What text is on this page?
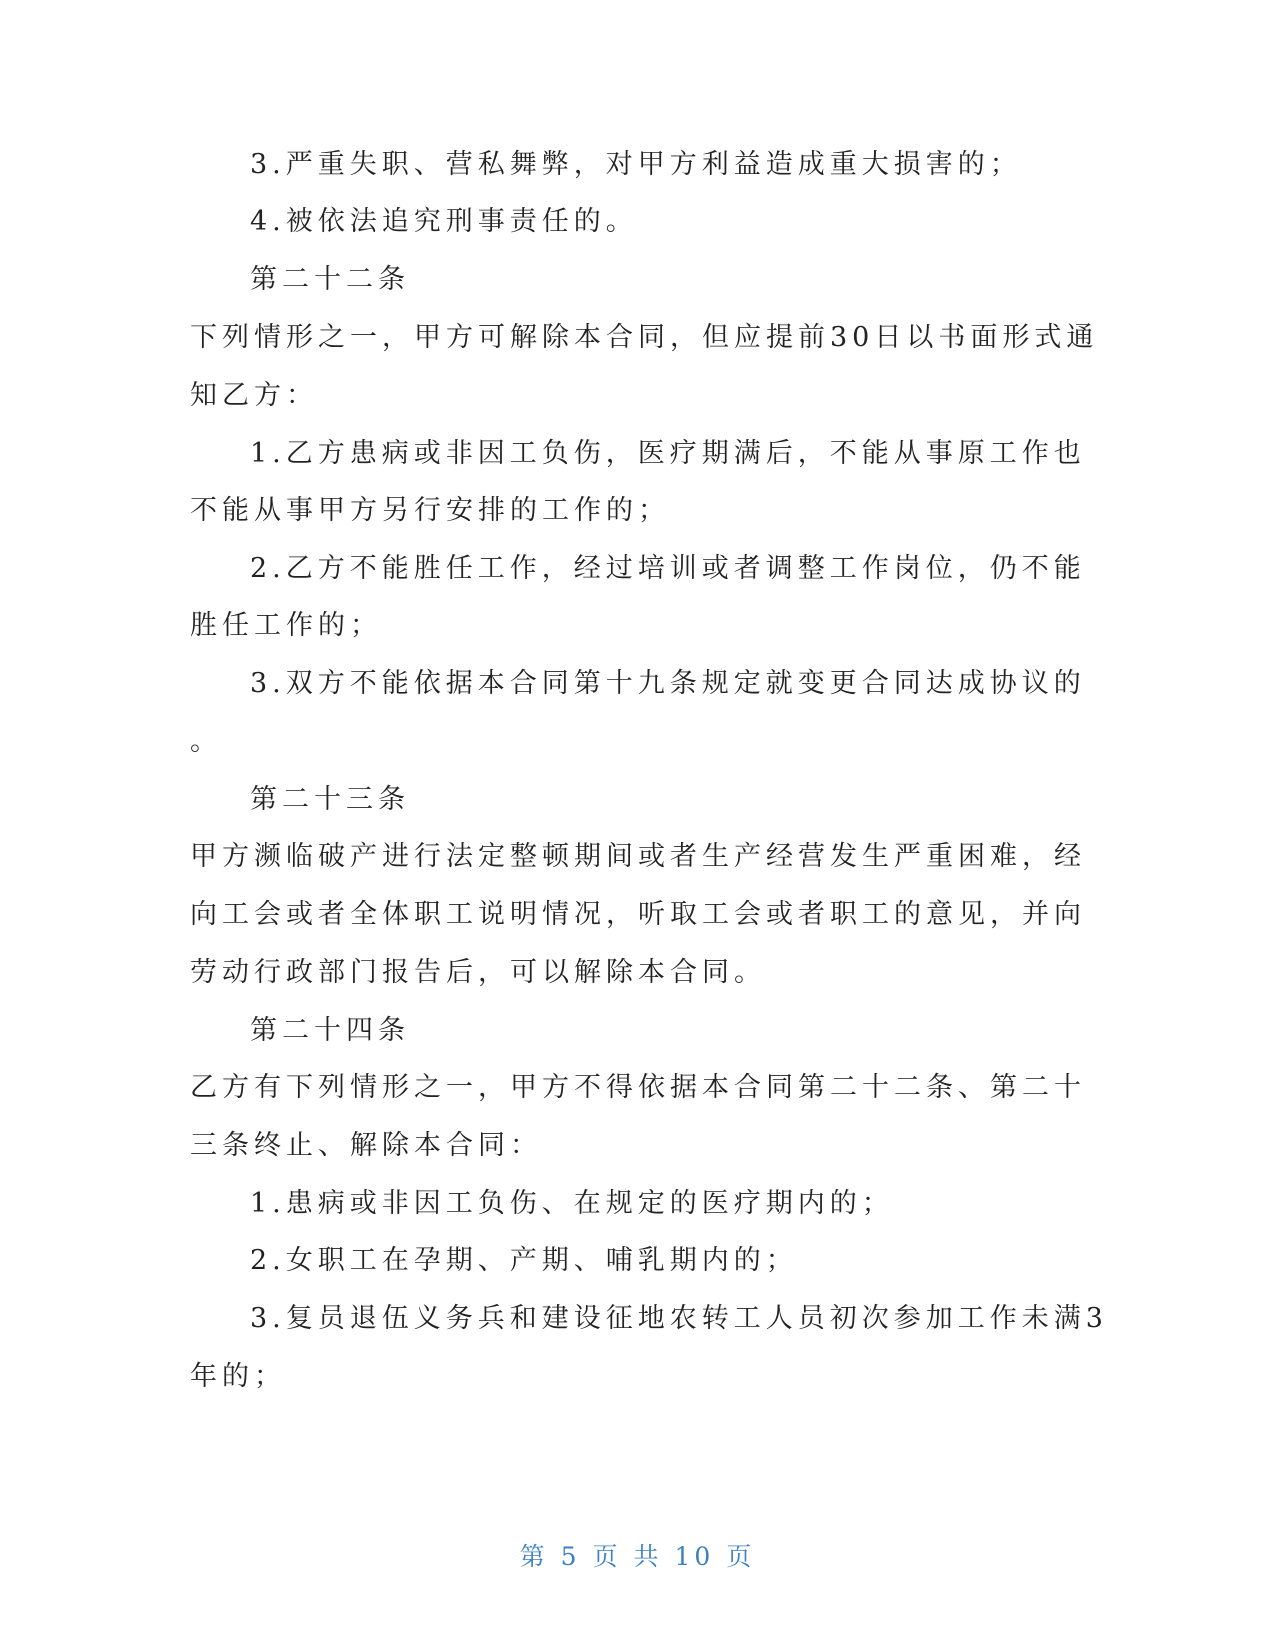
3.严重失职、营私舞弊，对甲方利益造成重大损害的；
4.被依法追究刑事责任的。
第二十二条
下列情形之一，甲方可解除本合同，但应提前30日以书面形式通
知乙方：
1.乙方患病或非因工负伤，医疗期满后，不能从事原工作也
不能从事甲方另行安排的工作的；
2.乙方不能胜任工作，经过培训或者调整工作岗位，仍不能
胜任工作的；
3.双方不能依据本合同第十九条规定就变更合同达成协议的
。
第二十三条
甲方濒临破产进行法定整顿期间或者生产经营发生严重困难，经
向工会或者全体职工说明情况，听取工会或者职工的意见，并向
劳动行政部门报告后，可以解除本合同。
第二十四条
乙方有下列情形之一，甲方不得依据本合同第二十二条、第二十
三条终止、解除本合同：
1.患病或非因工负伤、在规定的医疗期内的；
2.女职工在孕期、产期、哺乳期内的；
3.复员退伍义务兵和建设征地农转工人员初次参加工作未满3
年的；
第 5 页 共 10 页
